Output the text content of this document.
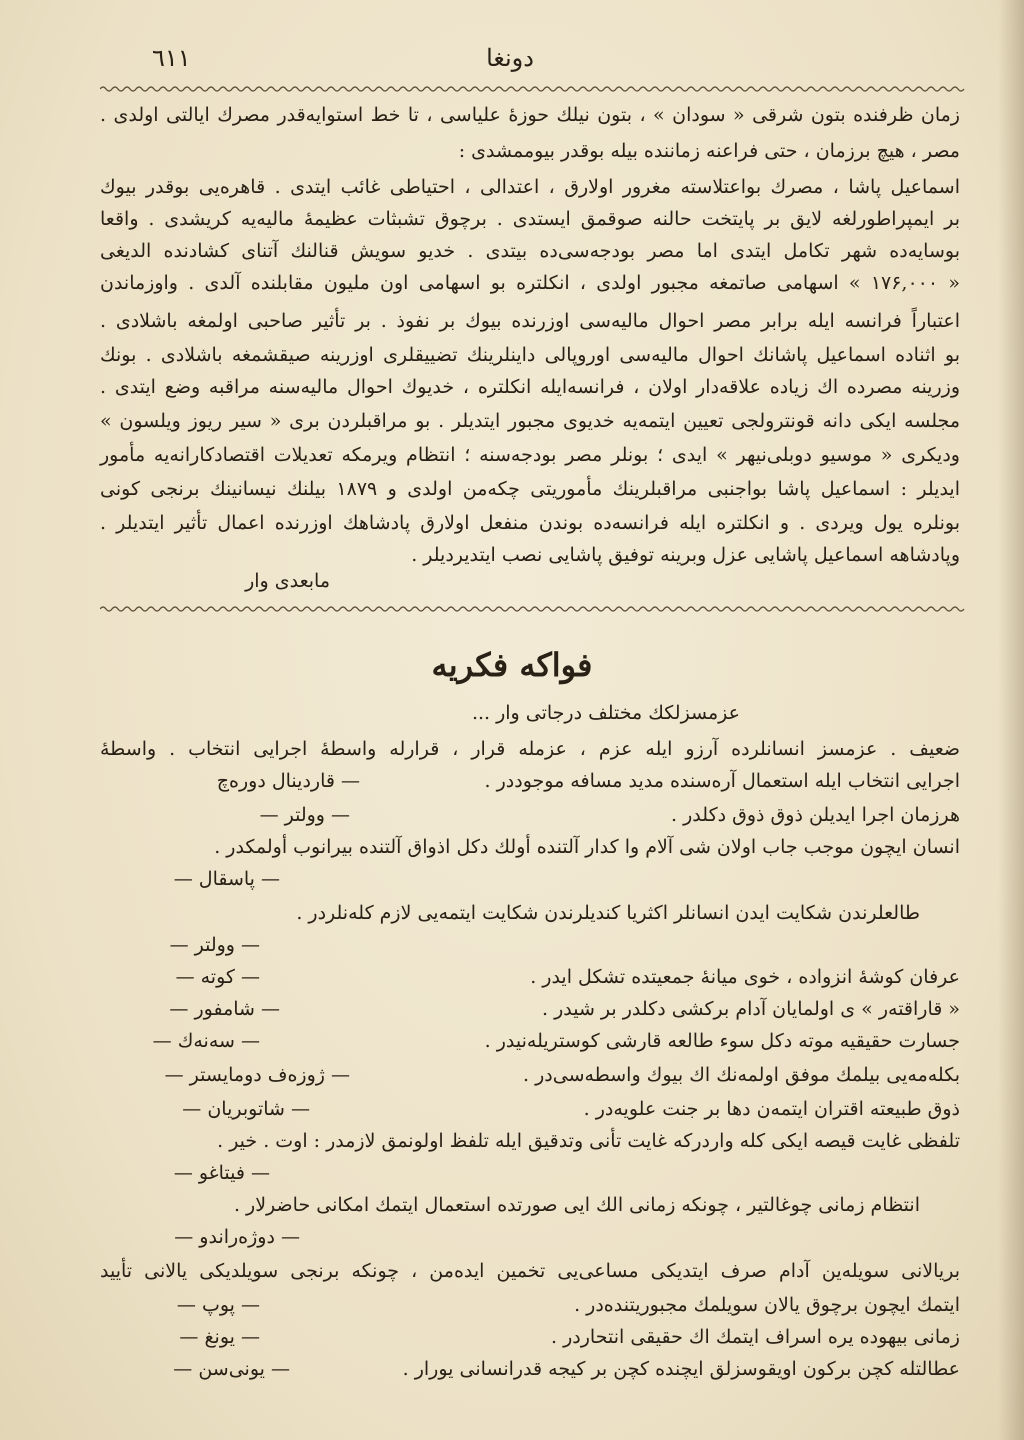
٦١١	دونغا
زمان ظرفنده بتون شرقی « سودان » ، بتون نیلك حوزۀ علیاسی ، تا خط استوایه‌قدر مصرك ایالتی اولدی .
مصر ، هیچ برزمان ، حتی فراعنه زماننده بیله بوقدر بیوممشدی :
اسماعیل پاشا ، مصرك بواعتلاسته مغرور اولارق ، اعتدالی ، احتیاطی غائب ایتدی . قاهره‌یی بوقدر بیوك
بر ایمپراطورلغه لایق بر پایتخت حالنه صوقمق ایستدی . برچوق تشبثات عظیمۀ مالیه‌یه کریشدی . واقعا
بوسایه‌ده شهر تکامل ایتدی اما مصر بودجه‌سی‌ده بیتدی . خدیو سویش قنالنك آتنای کشادنده الدیغی
« ۱۷۶,۰۰۰ » اسهامی صاتمغه مجبور اولدی ، انکلتره بو اسهامی اون ملیون مقابلنده آلدی . واوزماندن
اعتباراً فرانسه ایله برابر مصر احوال مالیه‌سی اوزرنده بیوك بر نفوذ . بر تأثیر صاحبی اولمغه باشلادی .
بو اثناده اسماعیل پاشانك احوال مالیه‌سی اوروپالی داینلرینك تضییقلری اوزرینه صیقشمغه باشلادی . بونك
وزرینه مصرده اك زیاده علاقه‌دار اولان ، فرانسه‌ایله انکلتره ، خدیوك احوال مالیه‌سنه مراقبه وضع ایتدی .
مجلسه ایکی دانه قونترولجی تعیین ایتمه‌یه خدیوی مجبور ایتدیلر . بو مراقبلردن بری « سیر ریوز ویلسون »
ودیکری « موسیو دوبلی‌نیهر » ایدی ؛ بونلر مصر بودجه‌سنه ؛ انتظام ویرمکه تعدیلات اقتصادکارانه‌یه مأمور
ایدیلر : اسماعیل پاشا بواجنبی مراقبلرینك مأموریتی چکه‌من اولدی و ۱۸۷۹ بیلنك نیسانینك برنجی کونی
بونلره یول ویردی . و انکلتره ایله فرانسه‌ده بوندن منفعل اولارق پادشاهك اوزرنده اعمال تأثیر ایتدیلر .
وپادشاهه اسماعیل پاشایی عزل وبرینه توفیق پاشایی نصب ایتدیردیلر .
مابعدی وار
فواکه فکریه
عزمسزلکك مختلف درجاتی وار ...
ضعیف . عزمسز انسانلرده آرزو ایله عزم ، عزمله قرار ، قرارله واسطۀ اجرایی انتخاب . واسطۀ
اجرایی انتخاب ایله استعمال آره‌سنده مدید مسافه موجوددر .
— قاردینال دورەچ
هرزمان اجرا ایدیلن ذوق ذوق دکلدر .
— وولتر —
انسان ایچون موجب جاب اولان شی آلام وا کدار آلتنده أولك دکل اذواق آلتنده بیرانوب أولمکدر .
— پاسقال —
طالعلرندن شکایت ایدن انسانلر اکثریا کندیلرندن شکایت ایتمه‌یی لازم کله‌نلردر .
— وولتر —
عرفان کوشۀ انزواده ، خوی میانۀ جمعیتده تشکل ایدر .
— کوته —
« قاراقتەر » ی اولمایان آدام برکشی دکلدر بر شیدر .
— شامفور —
جسارت حقیقیه موته دکل سوء طالعه قارشی کوستریله‌نیدر .
— سه‌نه‌ك —
بکله‌مه‌یی بیلمك موفق اولمه‌نك اك بیوك واسطه‌سی‌در .
— ژوزەف دومایستر —
ذوق طبیعته اقتران ایتمه‌ن دها بر جنت علویه‌در .
— شاتوبریان —
تلفظی غایت قیصه ایکی کله واردرکه غایت تأنی وتدقیق ایله تلفظ اولونمق لازمدر : اوت . خیر .
— فیتاغو —
انتظام زمانی چوغالتیر ، چونکه زمانی الك ایی صورتده استعمال ایتمك امکانی حاضرلار .
— دوژەراندو —
بریالانی سویله‌ین آدام صرف ایتدیکی مساعی‌یی تخمین ایده‌من ، چونکه برنجی سویلدیکی یالانی تأیید
ایتمك ایچون برچوق یالان سویلمك مجبوریتنده‌در .
— پوپ —
زمانی بیهوده یره اسراف ایتمك اك حقیقی انتحاردر .
— یونغ —
عطالتله کچن برکون اویقوسزلق ایچنده کچن بر کیجه قدرانسانی یورار .
— یونی‌سن —
